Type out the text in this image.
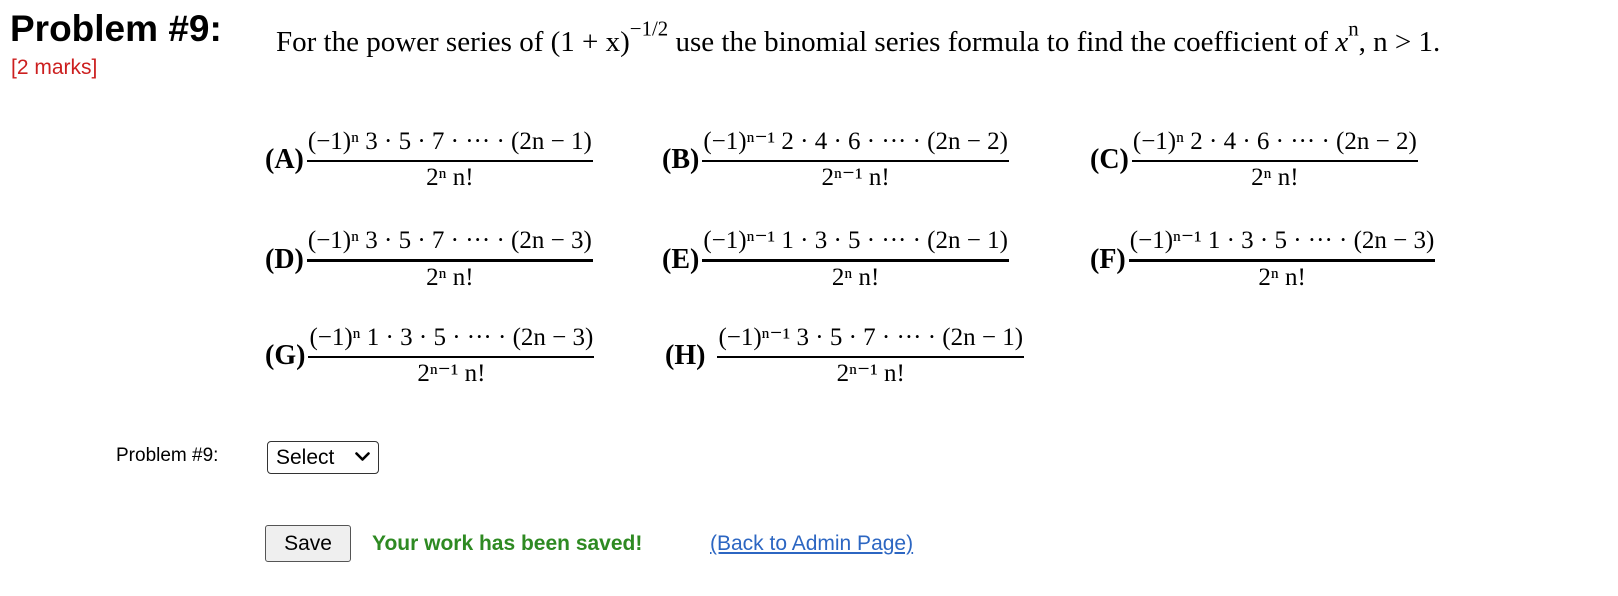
Problem #9:
[2 marks]
For the power series of $(1 + x)^{-1/2}$ use the binomial series formula to find the coefficient of $x^n$, n > 1.
$(A) \frac{\text{(−1)ⁿ 3 · 5 · 7 · ··· · (2n − 1)}}{\text{2ⁿ n!}} (B) \frac{\text{(−1)ⁿ⁻¹ 2 · 4 · 6 · ··· · (2n − 2)}}{\text{2ⁿ⁻¹ n!}}$	$(C) \frac{\text{(−1)ⁿ 2 · 4 · 6 · ··· · (2n − 2)}}{\text{2ⁿ n!}}$
$(D) \frac{\text{(−1)ⁿ 3 · 5 · 7 · ··· · (2n − 3)}}{\text{2ⁿ n!}} (E) \frac{\text{(−1)ⁿ⁻¹ 1 · 3 · 5 · ··· · (2n − 1)}}{\text{2ⁿ n!}}$	$(F) \frac{\text{(−1)ⁿ⁻¹ 1 · 3 · 5 · ··· · (2n − 3)}}{\text{2ⁿ n!}}$
$(G) \frac{\text{(−1)ⁿ 1 · 3 · 5 · ··· · (2n − 3)}}{\text{2ⁿ⁻¹ n!}}$	$(H) \frac{\text{(−1)ⁿ⁻¹ 3 · 5 · 7 · ··· · (2n − 1)}}{\text{2ⁿ⁻¹ n!}}$
Problem #9:	Select
Save	Your work has been saved!	(Back to Admin Page)
